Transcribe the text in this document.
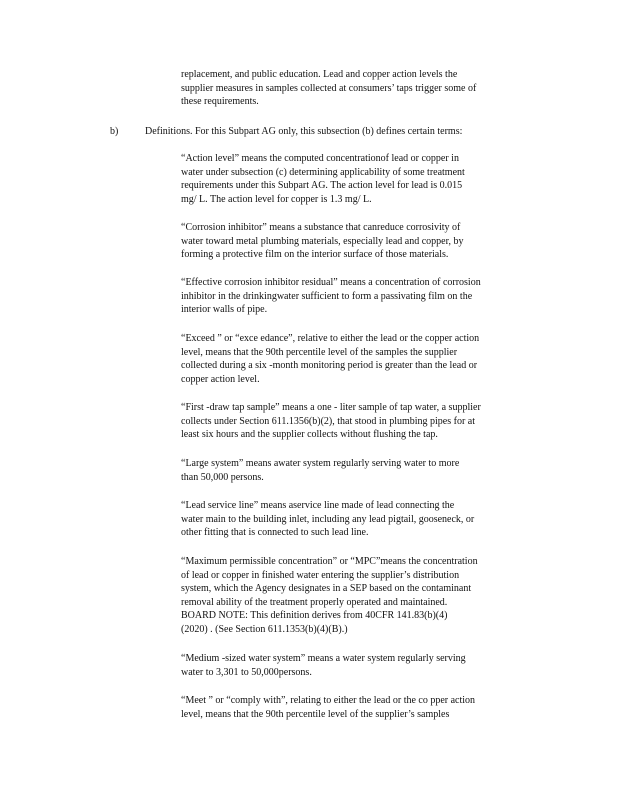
replacement, and public education. Lead and copper action levels the
supplier measures in samples collected at consumers’ taps trigger some of
these requirements.

b)	Definitions. For this Subpart AG only, this subsection (b) defines certain terms:

“Action level” means the computed concentrationof lead or copper in
water under subsection (c) determining applicability of some treatment
requirements under this Subpart AG. The action level for lead is 0.015
mg/ L. The action level for copper is 1.3 mg/ L.

“Corrosion inhibitor” means a substance that canreduce corrosivity of
water toward metal plumbing materials, especially lead and copper, by
forming a protective film on the interior surface of those materials.

“Effective corrosion inhibitor residual” means a concentration of corrosion
inhibitor in the drinkingwater sufficient to form a passivating film on the
interior walls of pipe.

“Exceed ” or “exce edance”, relative to either the lead or the copper action
level, means that the 90th percentile level of the samples the supplier
collected during a six -month monitoring period is greater than the lead or
copper action level.

“First -draw tap sample” means a one - liter sample of tap water, a supplier
collects under Section 611.1356(b)(2), that stood in plumbing pipes for at
least six hours and the supplier collects without flushing the tap.

“Large system” means awater system regularly serving water to more
than 50,000 persons.

“Lead service line” means aservice line made of lead connecting the
water main to the building inlet, including any lead pigtail, gooseneck, or
other fitting that is connected to such lead line.

“Maximum permissible concentration” or “MPC”means the concentration
of lead or copper in finished water entering the supplier’s distribution
system, which the Agency designates in a SEP based on the contaminant
removal ability of the treatment properly operated and maintained.
BOARD NOTE: This definition derives from 40CFR 141.83(b)(4)
(2020) . (See Section 611.1353(b)(4)(B).)

“Medium -sized water system” means a water system regularly serving
water to 3,301 to 50,000persons.

“Meet ” or “comply with”, relating to either the lead or the co pper action
level, means that the 90th percentile level of the supplier’s samples
